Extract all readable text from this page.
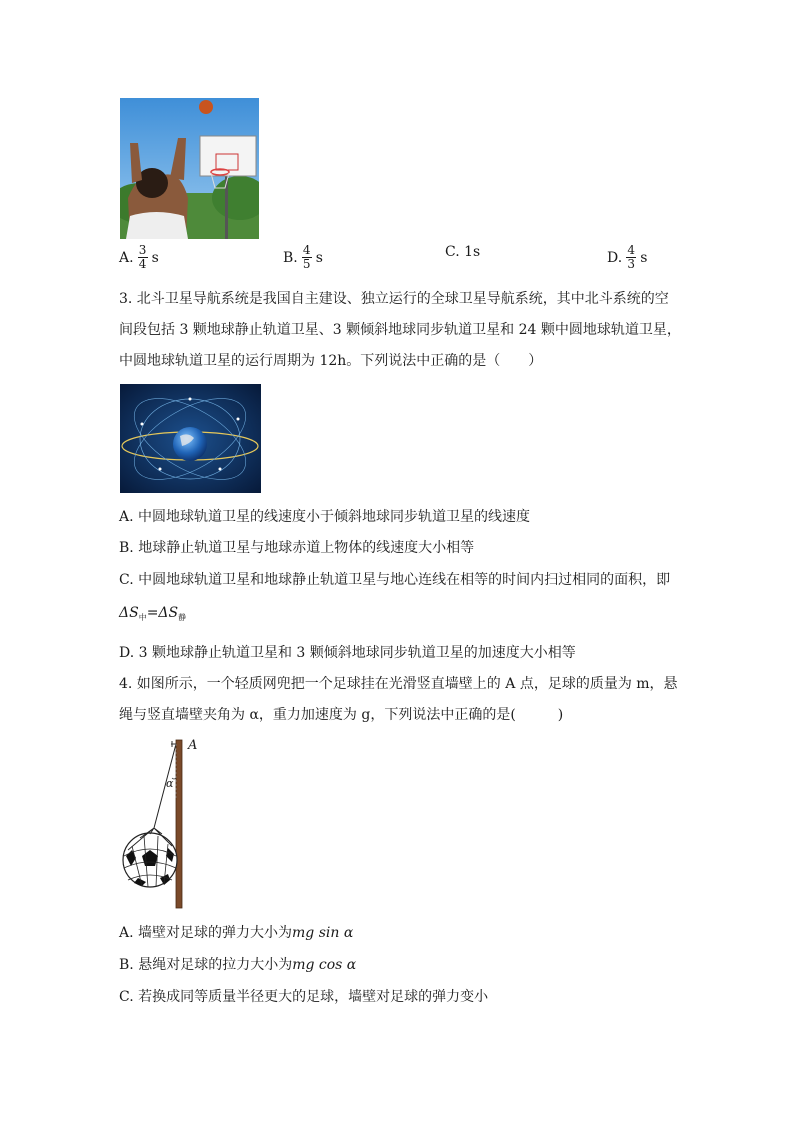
A. $\frac{3}{4}$ s	B. $\frac{4}{5}$ s	C. 1s	D. $\frac{4}{3}$ s
3. 北斗卫星导航系统是我国自主建设、独立运行的全球卫星导航系统，其中北斗系统的空
间段包括 3 颗地球静止轨道卫星、3 颗倾斜地球同步轨道卫星和 24 颗中圆地球轨道卫星，
中圆地球轨道卫星的运行周期为 12h。下列说法中正确的是（　　）
A. 中圆地球轨道卫星的线速度小于倾斜地球同步轨道卫星的线速度
B. 地球静止轨道卫星与地球赤道上物体的线速度大小相等
C. 中圆地球轨道卫星和地球静止轨道卫星与地心连线在相等的时间内扫过相同的面积，即
$\Delta S_中=\Delta S_静$
D. 3 颗地球静止轨道卫星和 3 颗倾斜地球同步轨道卫星的加速度大小相等
4. 如图所示，一个轻质网兜把一个足球挂在光滑竖直墙壁上的 A 点，足球的质量为 m，悬
绳与竖直墙壁夹角为 α，重力加速度为 g，下列说法中正确的是(　　　)
A
α
A. 墙壁对足球的弹力大小为mg sin α
B. 悬绳对足球的拉力大小为mg cos α
C. 若换成同等质量半径更大的足球，墙壁对足球的弹力变小
